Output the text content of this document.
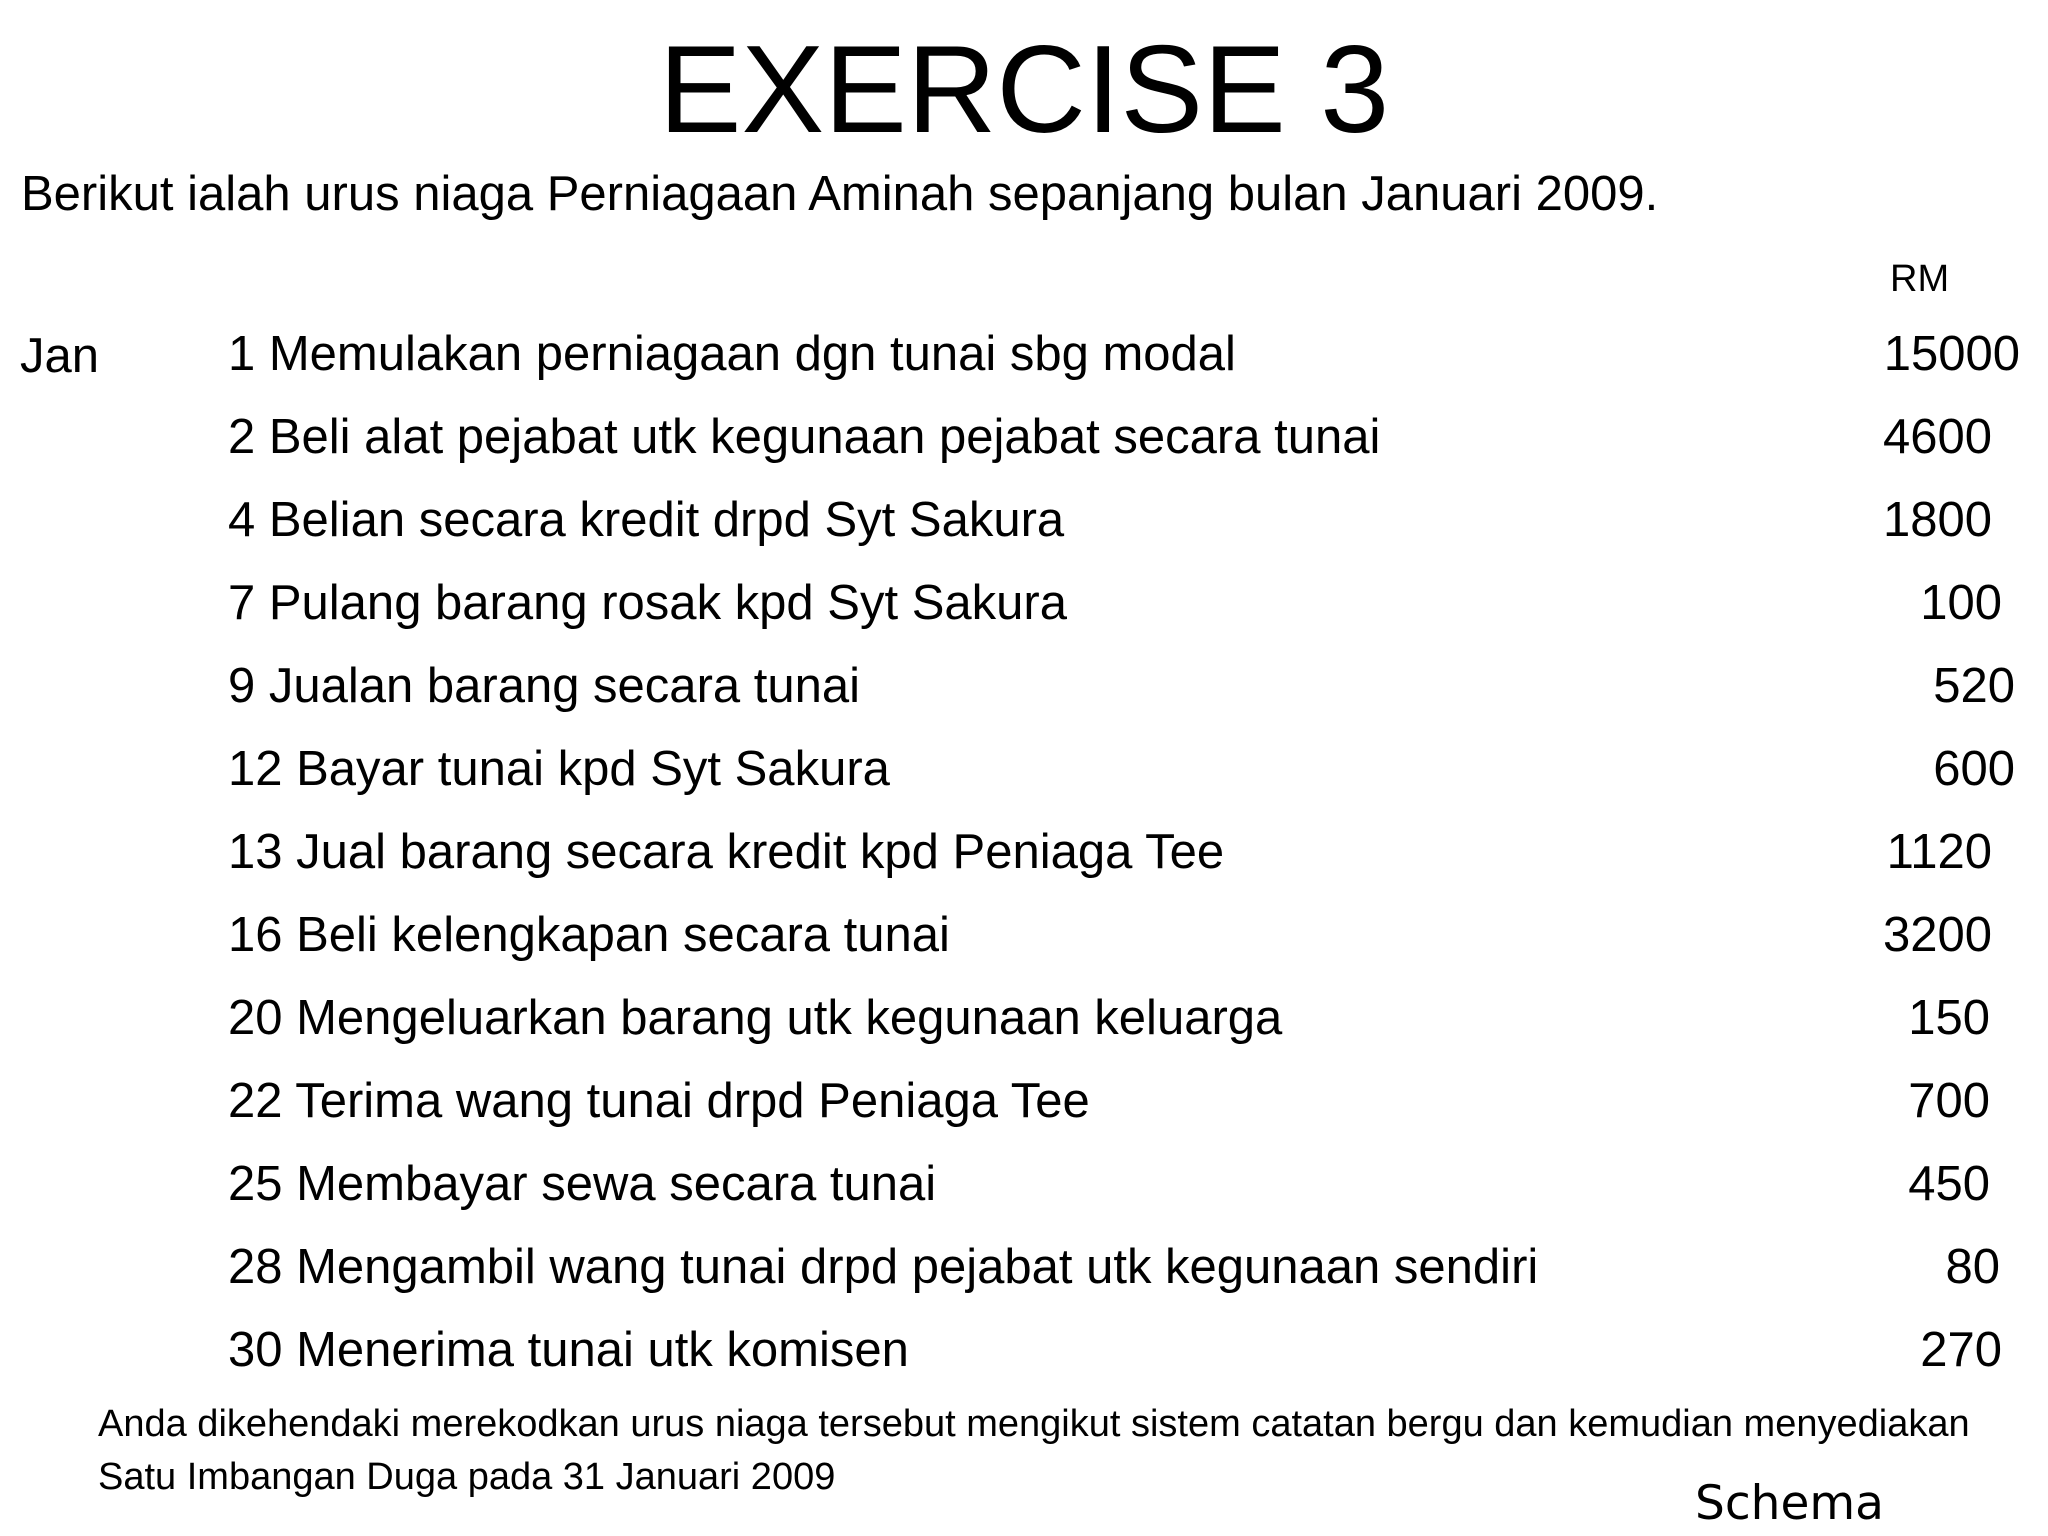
EXERCISE 3
Berikut ialah urus niaga Perniagaan Aminah sepanjang bulan Januari 2009.
RM
Jan	1 Memulakan perniagaan dgn tunai sbg modal	15000
2 Beli alat pejabat utk kegunaan pejabat secara tunai	4600
4 Belian secara kredit drpd Syt Sakura	1800
7 Pulang barang rosak kpd Syt Sakura	100
9 Jualan barang secara tunai	520
12 Bayar tunai kpd Syt Sakura	600
13 Jual barang secara kredit kpd Peniaga Tee	1120
16 Beli kelengkapan secara tunai	3200
20 Mengeluarkan barang utk kegunaan keluarga	150
22 Terima wang tunai drpd Peniaga Tee	700
25 Membayar sewa secara tunai	450
28 Mengambil wang tunai drpd pejabat utk kegunaan sendiri	80
30 Menerima tunai utk komisen	270
Anda dikehendaki merekodkan urus niaga tersebut mengikut sistem catatan bergu dan kemudian menyediakan Satu Imbangan Duga pada 31 Januari 2009	Schema
